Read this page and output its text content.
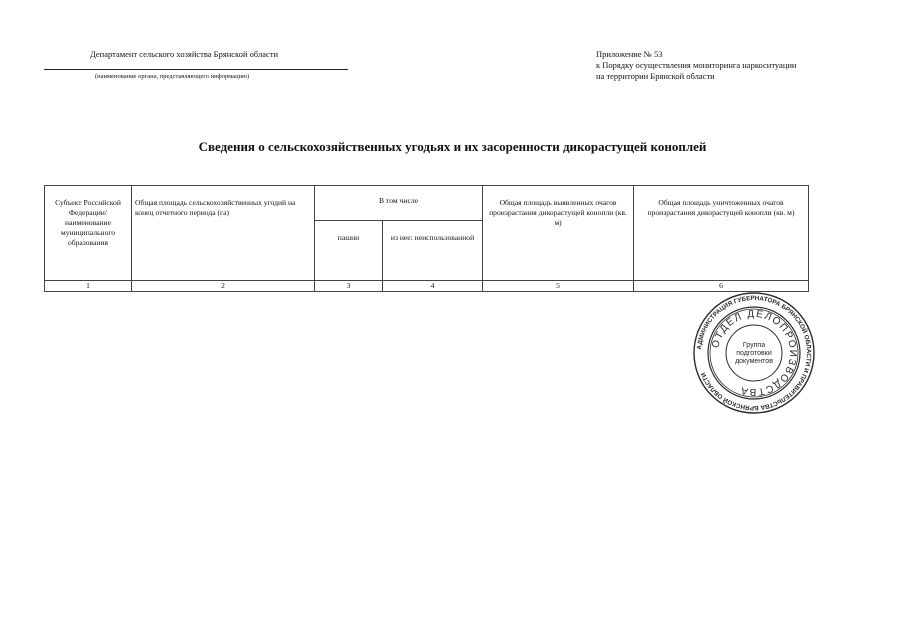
Департамент сельского хозяйства Брянской области
(наименование органа, представляющего информацию)
Приложение № 53
к Порядку осуществления мониторинга наркоситуации
на территории Брянской области
Сведения о сельскохозяйственных угодьях и их засоренности дикорастущей коноплей
Субъект Российской Федерации/ наименование муниципального образования	Общая площадь сельскохозяйственных угодий на конец отчетного периода (га)	В том числе		Общая площадь выявленных очагов произрастания дикорастущей конопли (кв. м)	Общая площадь уничтоженных очагов произрастания дикорастущей конопли (кв. м)
		пашни	из нее: неиспользованной		
1	2	3	4	5	6
АДМИНИСТРАЦИЯ ГУБЕРНАТОРА БРЯНСКОЙ ОБЛАСТИ И ПРАВИТЕЛЬСТВА БРЯНСКОЙ ОБЛАСТИ
ОТДЕЛ ДЕЛОПРОИЗВОДСТВА
Группа
подготовки
документов
